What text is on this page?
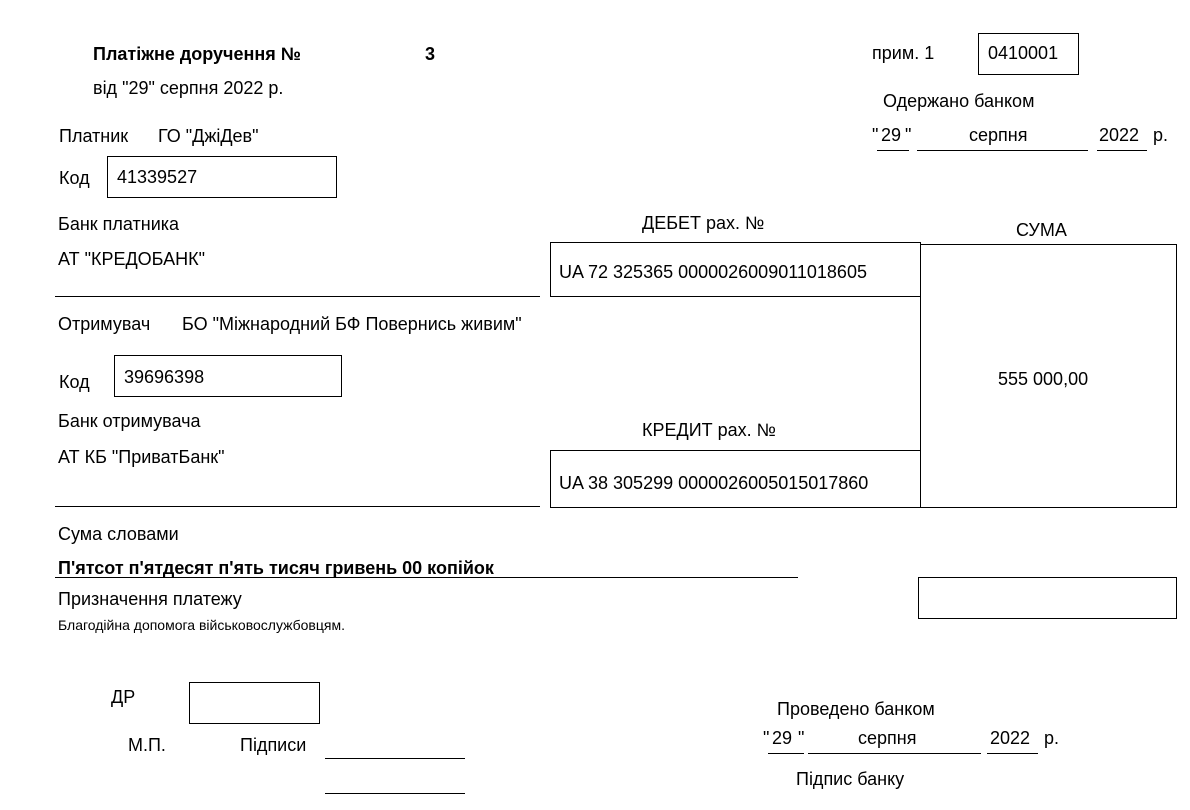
Платіжне доручення №	3
від "29" серпня 2022 р.
прим. 1	0410001
Одержано банком
" 29 "	серпня	2022 р.
Платник ГО "ДжіДев"
Код 41339527
Банк платника
АТ "КРЕДОБАНК"
ДЕБЕТ рах. №
UA 72 325365 0000026009011018605
СУМА
555 000,00
Отримувач БО "Міжнародний БФ Повернись живим"
Код 39696398
Банк отримувача
АТ КБ "ПриватБанк"
КРЕДИТ рах. №
UA 38 305299 0000026005015017860
Сума словами
П'ятсот п'ятдесят п'ять тисяч гривень 00 копійок
Призначення платежу
Благодійна допомога військовослужбовцям.
ДР
М.П.	Підписи
Проведено банком
" 29 "	серпня	2022 р.
Підпис банку
